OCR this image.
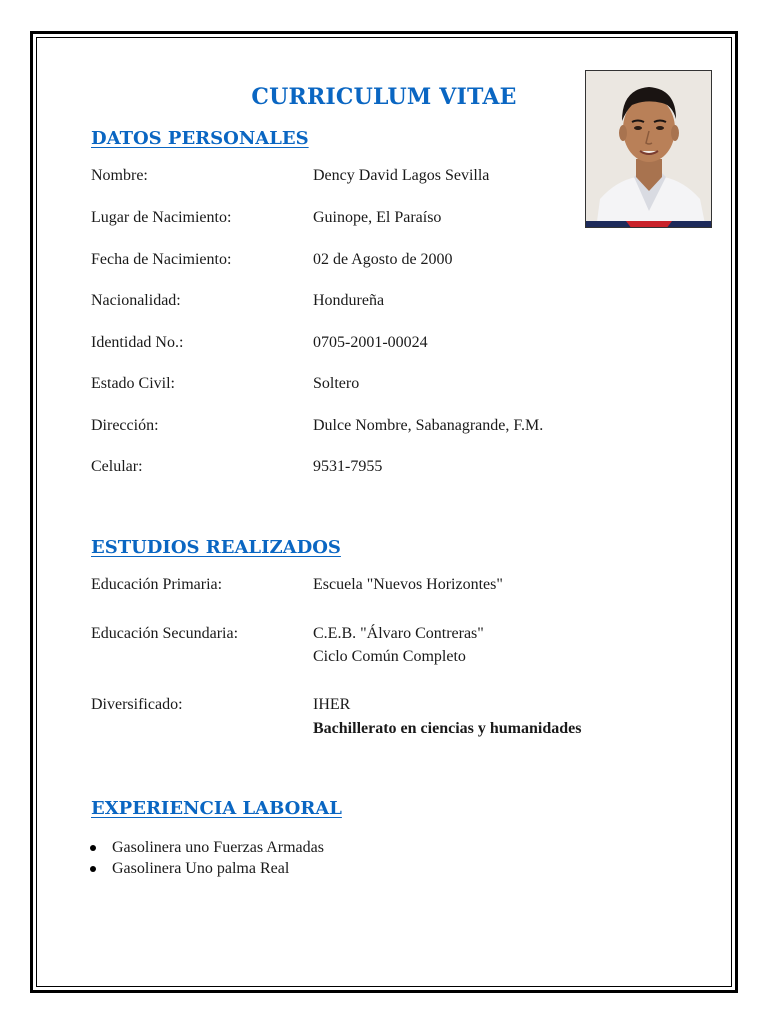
CURRICULUM VITAE
DATOS PERSONALES
Nombre:	Dency David Lagos Sevilla
Lugar de Nacimiento:	Guinope, El Paraíso
Fecha de Nacimiento:	02 de Agosto de 2000
Nacionalidad:	Hondureña
Identidad No.:	0705-2001-00024
Estado Civil:	Soltero
Dirección:	Dulce Nombre, Sabanagrande, F.M.
Celular:	9531-7955
ESTUDIOS REALIZADOS
Educación Primaria:	Escuela "Nuevos Horizontes"
Educación Secundaria:	C.E.B. "Álvaro Contreras"
Ciclo Común Completo
Diversificado:	IHER
Bachillerato en ciencias y humanidades
EXPERIENCIA LABORAL
Gasolinera uno Fuerzas Armadas
Gasolinera Uno palma Real
